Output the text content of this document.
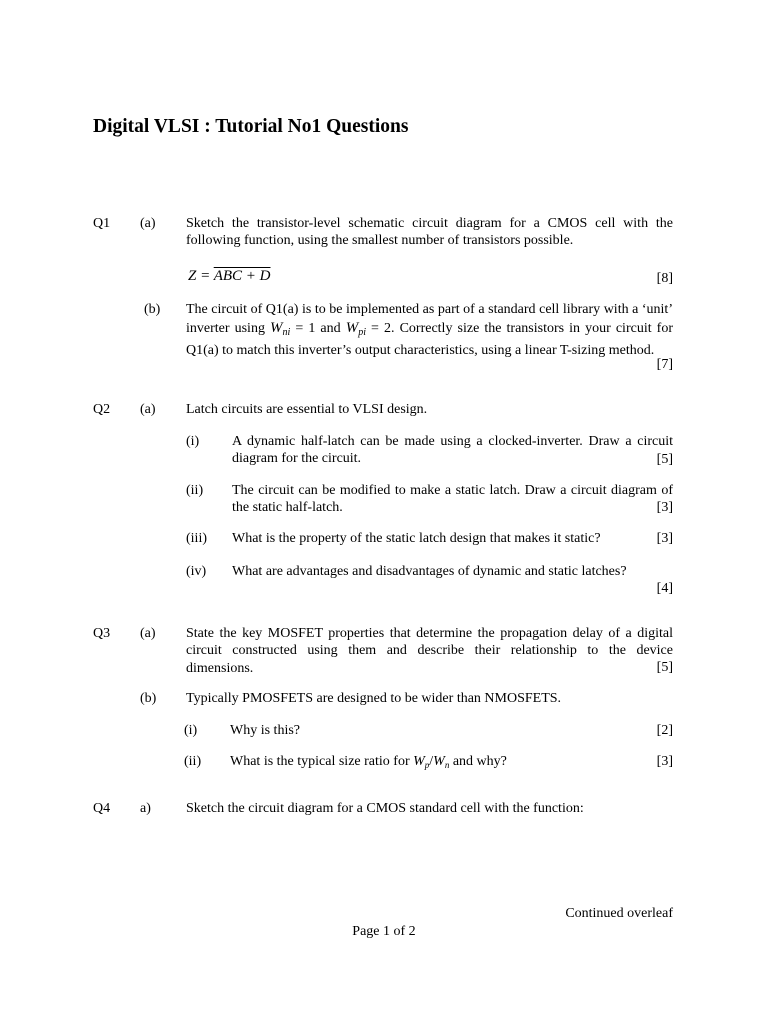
Digital VLSI : Tutorial No1 Questions
Q1 (a) Sketch the transistor-level schematic circuit diagram for a CMOS cell with the following function, using the smallest number of transistors possible.
Z = ABC + D	[8]
(b) The circuit of Q1(a) is to be implemented as part of a standard cell library with a ‘unit’ inverter using $W_{ni} = 1$ and $W_{pi} = 2$. Correctly size the transistors in your circuit for Q1(a) to match this inverter’s output characteristics, using a linear T-sizing method.
[7]
Q2 (a) Latch circuits are essential to VLSI design.
(i) A dynamic half-latch can be made using a clocked-inverter. Draw a circuit diagram for the circuit.	[5]
(ii) The circuit can be modified to make a static latch. Draw a circuit diagram of the static half-latch.	[3]
(iii) What is the property of the static latch design that makes it static?	[3]
(iv) What are advantages and disadvantages of dynamic and static latches?
[4]
Q3 (a) State the key MOSFET properties that determine the propagation delay of a digital circuit constructed using them and describe their relationship to the device dimensions.	[5]
(b) Typically PMOSFETS are designed to be wider than NMOSFETS.
(i) Why is this?	[2]
(ii) What is the typical size ratio for $W_p/W_n$ and why?	[3]
Q4 a)	Sketch the circuit diagram for a CMOS standard cell with the function:
Continued overleaf
Page 1 of 2
